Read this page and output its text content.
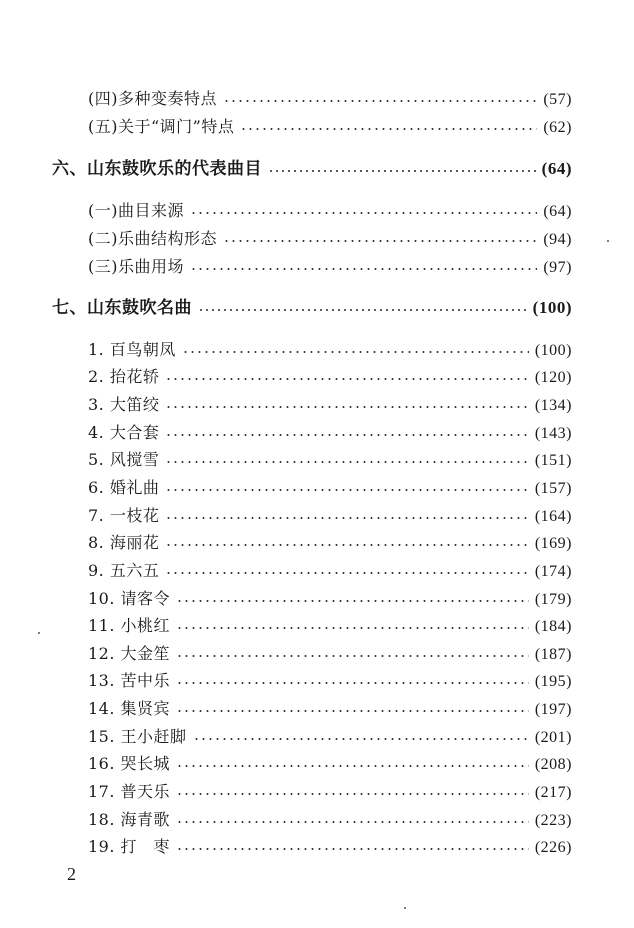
(四)多种变奏特点	(57)
(五)关于“调门”特点	(62)
六、山东鼓吹乐的代表曲目	(64)
(一)曲目来源	(64)
(二)乐曲结构形态	(94)
(三)乐曲用场	(97)
七、山东鼓吹名曲	(100)
1. 百鸟朝凤	(100)
2. 抬花轿	(120)
3. 大笛绞	(134)
4. 大合套	(143)
5. 风搅雪	(151)
6. 婚礼曲	(157)
7. 一枝花	(164)
8. 海丽花	(169)
9. 五六五	(174)
10. 请客令	(179)
11. 小桃红	(184)
12. 大金笙	(187)
13. 苦中乐	(195)
14. 集贤宾	(197)
15. 王小赶脚	(201)
16. 哭长城	(208)
17. 普天乐	(217)
18. 海青歌	(223)
19. 打　枣	(226)
2
